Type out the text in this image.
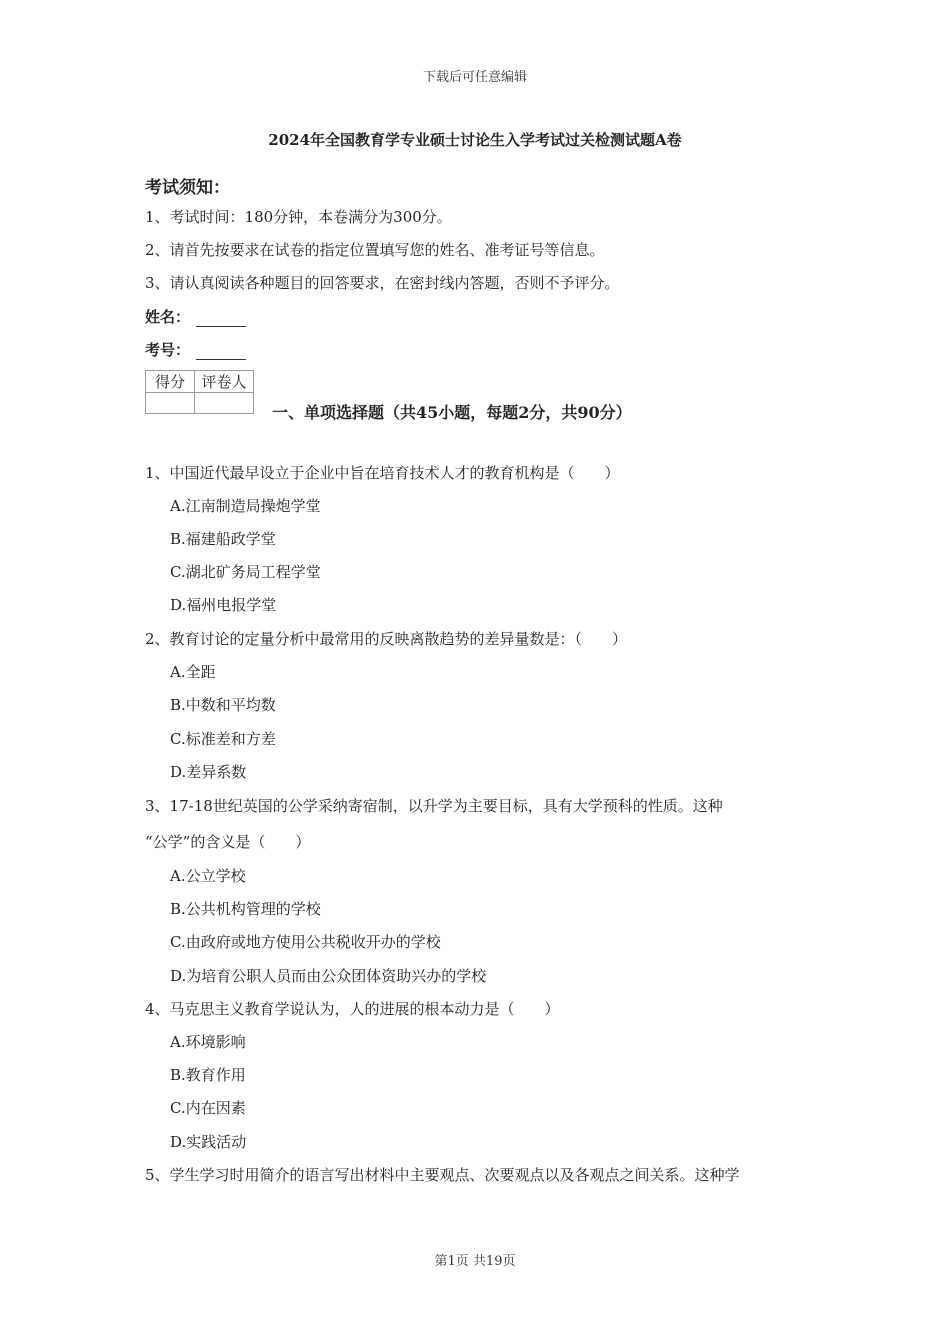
下载后可任意编辑
2024年全国教育学专业硕士讨论生入学考试过关检测试题A卷
考试须知：
1、考试时间：180分钟，本卷满分为300分。
2、请首先按要求在试卷的指定位置填写您的姓名、准考证号等信息。
3、请认真阅读各种题目的回答要求，在密封线内答题，否则不予评分。
姓名：
考号：
得分	评卷人

一、单项选择题（共45小题，每题2分，共90分）
1、中国近代最早设立于企业中旨在培育技术人才的教育机构是（　　）
A.江南制造局操炮学堂
B.福建船政学堂
C.湖北矿务局工程学堂
D.福州电报学堂
2、教育讨论的定量分析中最常用的反映离散趋势的差异量数是：（　　）
A.全距
B.中数和平均数
C.标准差和方差
D.差异系数
3、17-18世纪英国的公学采纳寄宿制，以升学为主要目标，具有大学预科的性质。这种
“公学”的含义是（　　）
A.公立学校
B.公共机构管理的学校
C.由政府或地方使用公共税收开办的学校
D.为培育公职人员而由公众团体资助兴办的学校
4、马克思主义教育学说认为，人的进展的根本动力是（　　）
A.环境影响
B.教育作用
C.内在因素
D.实践活动
5、学生学习时用简介的语言写出材料中主要观点、次要观点以及各观点之间关系。这种学
第1页 共19页
